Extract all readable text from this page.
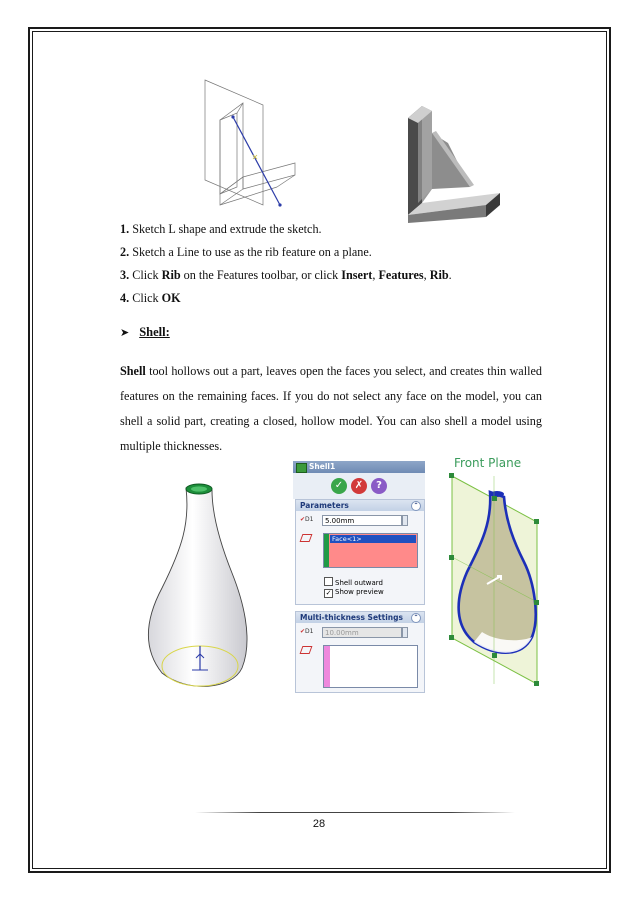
1. Sketch L shape and extrude the sketch.
2. Sketch a Line to use as the rib feature on a plane.
3. Click Rib on the Features toolbar, or click Insert, Features, Rib.
4. Click OK
➤ Shell:
Shell tool hollows out a part, leaves open the faces you select, and creates thin walled
features on the remaining faces. If you do not select any face on the model, you can
shell a solid part, creating a closed, hollow model. You can also shell a model using
multiple thicknesses.
Shell1
✓	✗	?
Parameters	⌃
✔D1	5.00mm
Face<1>
Shell outward
✓ Show preview
Multi-thickness Settings	⌃
✔D1	10.00mm
Front Plane
28
